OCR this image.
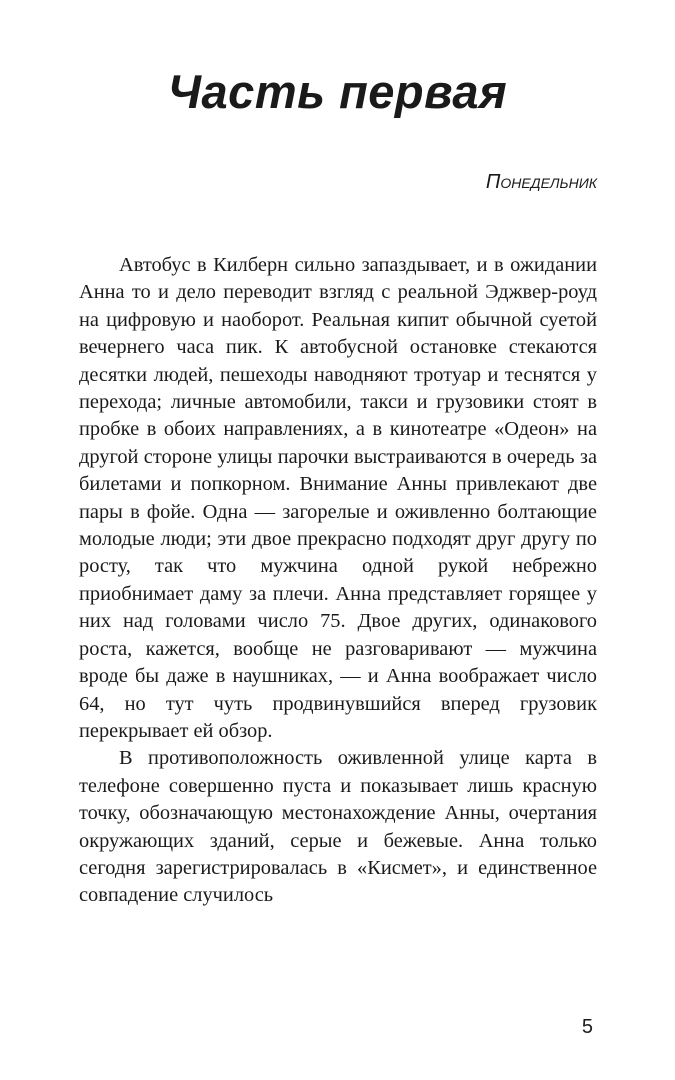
Часть первая
Понедельник

Автобус в Килберн сильно запаздывает, и в ожидании Анна то и дело переводит взгляд с реальной Эджвер-роуд на цифровую и наоборот. Реальная кипит обычной суетой вечернего часа пик. К автобусной остановке стекаются десятки людей, пешеходы наводняют тротуар и теснятся у перехода; личные автомобили, такси и грузовики стоят в пробке в обоих направлениях, а в кинотеатре «Одеон» на другой стороне улицы парочки выстраиваются в очередь за билетами и попкорном. Внимание Анны привлекают две пары в фойе. Одна — загорелые и оживленно болтающие молодые люди; эти двое прекрасно подходят друг другу по росту, так что мужчина одной рукой небрежно приобнимает даму за плечи. Анна представляет горящее у них над головами число 75. Двое других, одинакового роста, кажется, вообще не разговаривают — мужчина вроде бы даже в наушниках, — и Анна воображает число 64, но тут чуть продвинувшийся вперед грузовик перекрывает ей обзор.

В противоположность оживленной улице карта в телефоне совершенно пуста и показывает лишь красную точку, обозначающую местонахождение Анны, очертания окружающих зданий, серые и бежевые. Анна только сегодня зарегистрировалась в «Кисмет», и единственное совпадение случилось

5
